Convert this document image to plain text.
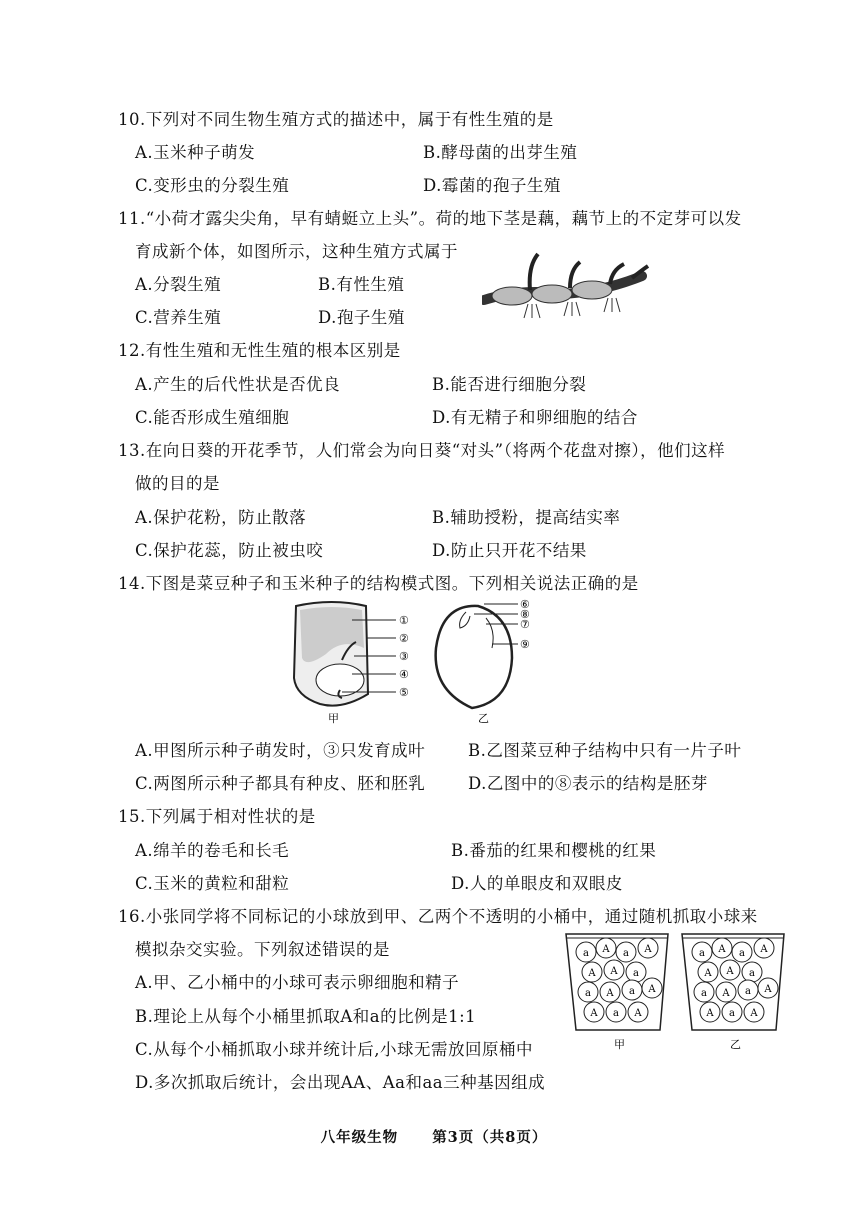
10.下列对不同生物生殖方式的描述中，属于有性生殖的是
A.玉米种子萌发	B.酵母菌的出芽生殖
C.变形虫的分裂生殖	D.霉菌的孢子生殖
11.“小荷才露尖尖角，早有蜻蜓立上头”。荷的地下茎是藕，藕节上的不定芽可以发
育成新个体，如图所示，这种生殖方式属于
A.分裂生殖	B.有性生殖
C.营养生殖	D.孢子生殖
12.有性生殖和无性生殖的根本区别是
A.产生的后代性状是否优良	B.能否进行细胞分裂
C.能否形成生殖细胞	D.有无精子和卵细胞的结合
13.在向日葵的开花季节，人们常会为向日葵“对头”（将两个花盘对擦），他们这样
做的目的是
A.保护花粉，防止散落	B.辅助授粉，提高结实率
C.保护花蕊，防止被虫咬	D.防止只开花不结果
14.下图是菜豆种子和玉米种子的结构模式图。下列相关说法正确的是
①
②
③
④
⑤
甲
⑥
⑧
⑦
⑨
乙
A.甲图所示种子萌发时，③只发育成叶	B.乙图菜豆种子结构中只有一片子叶
C.两图所示种子都具有种皮、胚和胚乳	D.乙图中的⑧表示的结构是胚芽
15.下列属于相对性状的是
A.绵羊的卷毛和长毛	B.番茄的红果和樱桃的红果
C.玉米的黄粒和甜粒	D.人的单眼皮和双眼皮
16.小张同学将不同标记的小球放到甲、乙两个不透明的小桶中，通过随机抓取小球来
模拟杂交实验。下列叙述错误的是
A.甲、乙小桶中的小球可表示卵细胞和精子
B.理论上从每个小桶里抓取A和a的比例是1:1
C.从每个小桶抓取小球并统计后,小球无需放回原桶中
D.多次抓取后统计，会出现AA、Aa和aa三种基因组成
a A a A
A A a
a A a A
A a A
甲
a A a A
A A a
a A a A
A a A
乙
八年级生物 第3页（共8页）
